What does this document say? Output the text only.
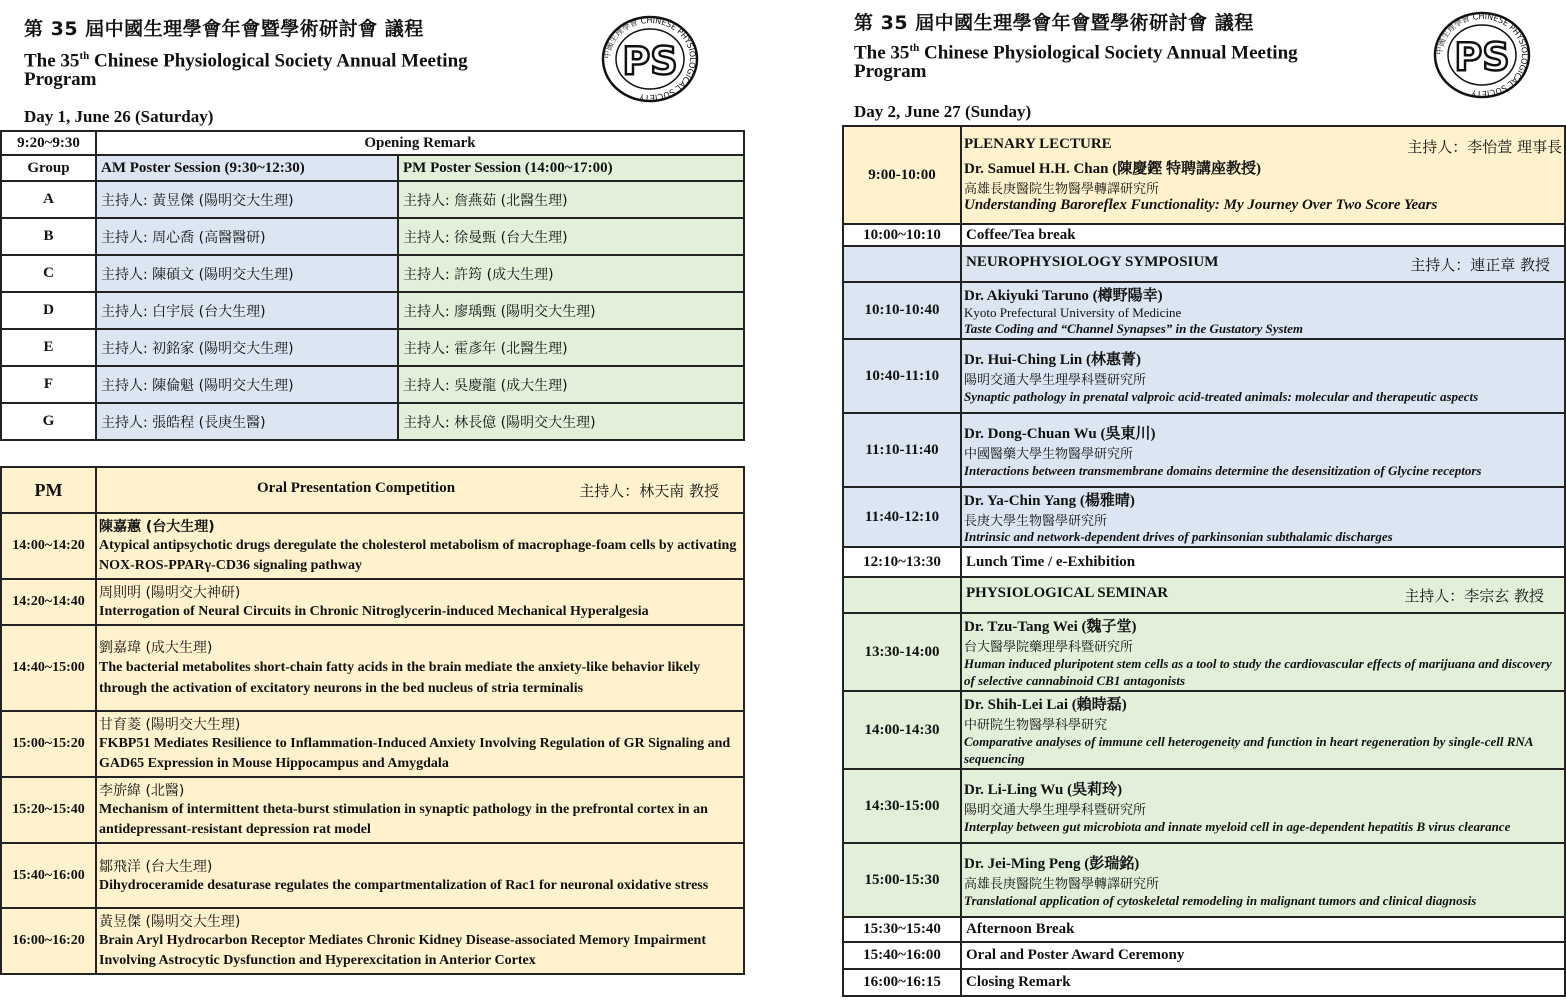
第 35 屆中國生理學會年會暨學術研討會 議程
The 35th Chinese Physiological Society Annual Meeting
Program
中國生理學會 CHINESE PHYSIOLOGICAL SOCIETY
PS
Day 1, June 26 (Saturday)
9:20~9:30	Opening Remark	
Group	AM Poster Session (9:30~12:30)	PM Poster Session (14:00~17:00)
A	主持人: 黃昱傑 (陽明交大生理)	主持人: 詹燕茹 (北醫生理)
B	主持人: 周心喬 (高醫醫研)	主持人: 徐曼甄 (台大生理)
C	主持人: 陳碩文 (陽明交大生理)	主持人: 許筠 (成大生理)
D	主持人: 白宇辰 (台大生理)	主持人: 廖瑀甄 (陽明交大生理)
E	主持人: 初銘家 (陽明交大生理)	主持人: 霍彥年 (北醫生理)
F	主持人: 陳倫魁 (陽明交大生理)	主持人: 吳慶龍 (成大生理)
G	主持人: 張皓程 (長庚生醫)	主持人: 林長億 (陽明交大生理)
PM	Oral Presentation Competition 主持人：林天南 教授

14:00~14:20	陳嘉蕙 (台大生理)
Atypical antipsychotic drugs deregulate the cholesterol metabolism of macrophage-foam cells by activating NOX-ROS-PPARγ-CD36 signaling pathway

14:20~14:40	周則明 (陽明交大神研)
Interrogation of Neural Circuits in Chronic Nitroglycerin-induced Mechanical Hyperalgesia

14:40~15:00	劉嘉瑋 (成大生理)
The bacterial metabolites short-chain fatty acids in the brain mediate the anxiety-like behavior likely through the activation of excitatory neurons in the bed nucleus of stria terminalis

15:00~15:20	甘育菱 (陽明交大生理)
FKBP51 Mediates Resilience to Inflammation-Induced Anxiety Involving Regulation of GR Signaling and GAD65 Expression in Mouse Hippocampus and Amygdala

15:20~15:40	李旂緯 (北醫)
Mechanism of intermittent theta-burst stimulation in synaptic pathology in the prefrontal cortex in an antidepressant-resistant depression rat model

15:40~16:00	鄒飛洋 (台大生理)
Dihydroceramide desaturase regulates the compartmentalization of Rac1 for neuronal oxidative stress

16:00~16:20	黃昱傑 (陽明交大生理)
Brain Aryl Hydrocarbon Receptor Mediates Chronic Kidney Disease-associated Memory Impairment Involving Astrocytic Dysfunction and Hyperexcitation in Anterior Cortex
第 35 屆中國生理學會年會暨學術研討會 議程
The 35th Chinese Physiological Society Annual Meeting
Program
中國生理學會 CHINESE PHYSIOLOGICAL SOCIETY
PS
Day 2, June 27 (Sunday)
9:00-10:00	PLENARY LECTURE 主持人：李怡萱 理事長
Dr. Samuel H.H. Chan (陳慶鏗 特聘講座教授)
高雄長庚醫院生物醫學轉譯研究所
Understanding Baroreflex Functionality: My Journey Over Two Score Years

10:00~10:10	Coffee/Tea break
	NEUROPHYSIOLOGY SYMPOSIUM 主持人：連正章 教授

10:10-10:40	Dr. Akiyuki Taruno (樽野陽幸)
Kyoto Prefectural University of Medicine
Taste Coding and “Channel Synapses” in the Gustatory System

10:40-11:10	Dr. Hui-Ching Lin (林惠菁)
陽明交通大學生理學科暨研究所
Synaptic pathology in prenatal valproic acid-treated animals: molecular and therapeutic aspects

11:10-11:40	Dr. Dong-Chuan Wu (吳東川)
中國醫藥大學生物醫學研究所
Interactions between transmembrane domains determine the desensitization of Glycine receptors

11:40-12:10	Dr. Ya-Chin Yang (楊雅晴)
長庚大學生物醫學研究所
Intrinsic and network-dependent drives of parkinsonian subthalamic discharges

12:10~13:30	Lunch Time / e-Exhibition
	PHYSIOLOGICAL SEMINAR 主持人：李宗玄 教授

13:30-14:00	Dr. Tzu-Tang Wei (魏子堂)
台大醫學院藥理學科暨研究所
Human induced pluripotent stem cells as a tool to study the cardiovascular effects of marijuana and discovery of selective cannabinoid CB1 antagonists

14:00-14:30	Dr. Shih-Lei Lai (賴時磊)
中研院生物醫學科學研究
Comparative analyses of immune cell heterogeneity and function in heart regeneration by single-cell RNA sequencing

14:30-15:00	Dr. Li-Ling Wu (吳莉玲)
陽明交通大學生理學科暨研究所
Interplay between gut microbiota and innate myeloid cell in age-dependent hepatitis B virus clearance

15:00-15:30	Dr. Jei-Ming Peng (彭瑞銘)
高雄長庚醫院生物醫學轉譯研究所
Translational application of cytoskeletal remodeling in malignant tumors and clinical diagnosis

15:30~15:40	Afternoon Break
15:40~16:00	Oral and Poster Award Ceremony
16:00~16:15	Closing Remark
